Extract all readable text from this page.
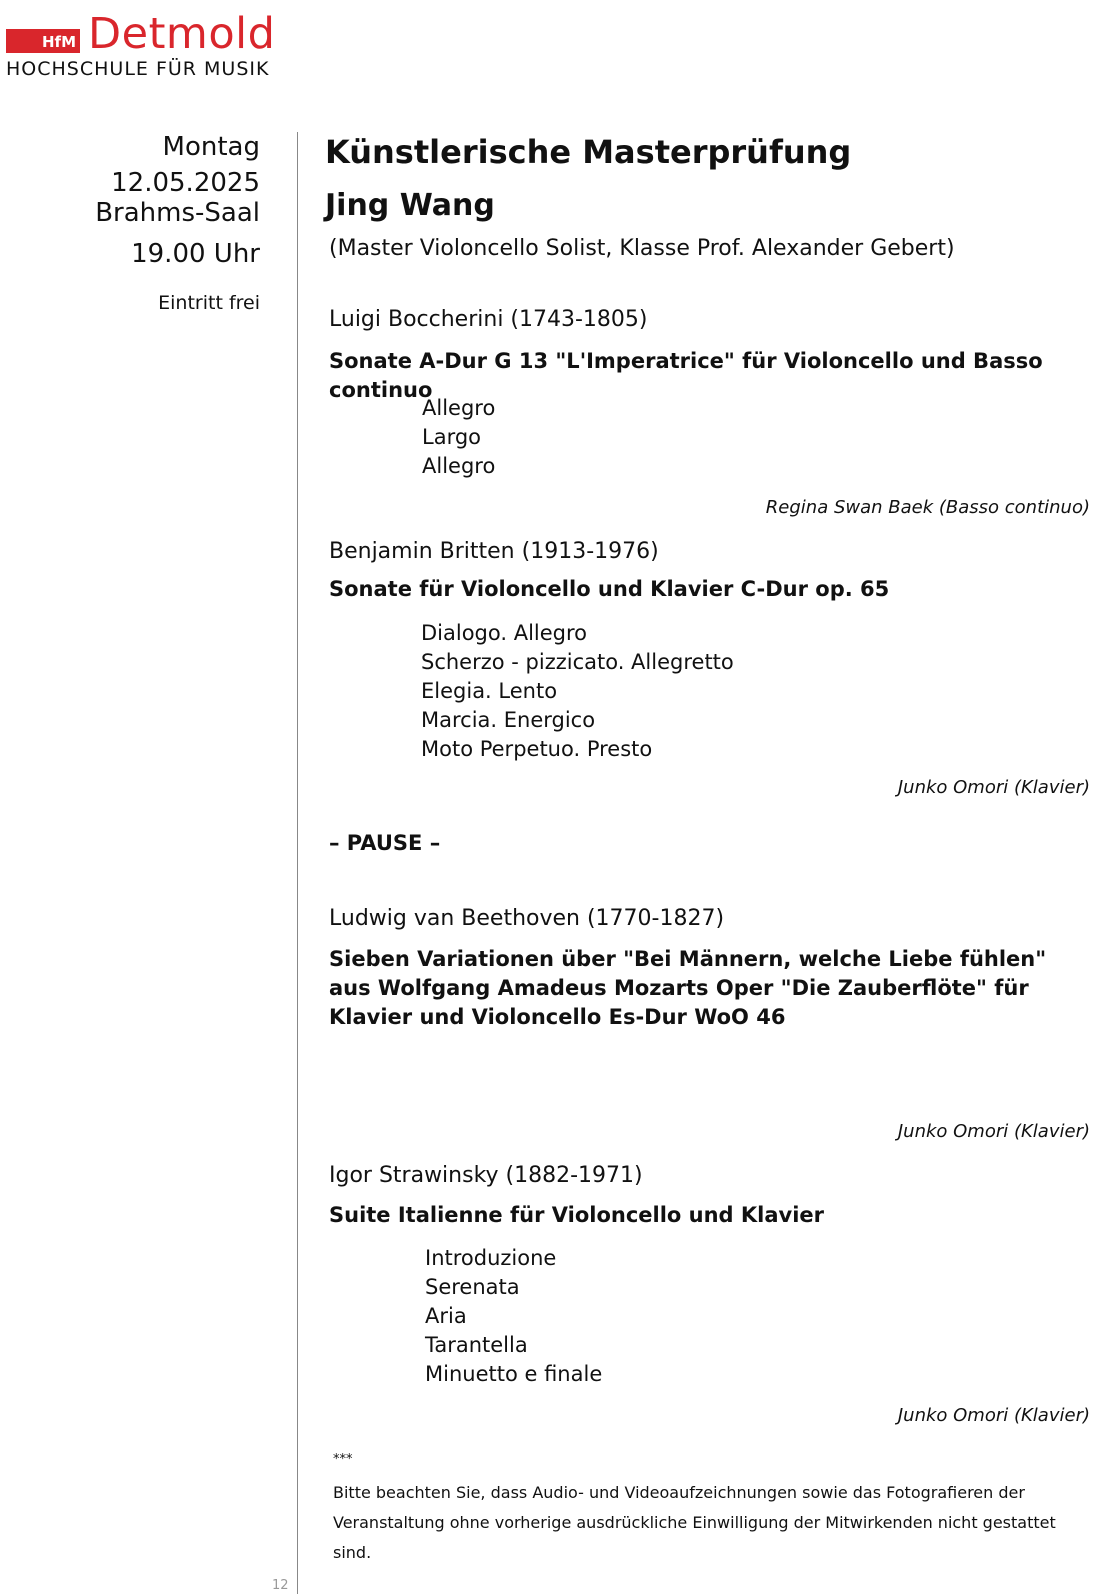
HfM Detmold
HOCHSCHULE FÜR MUSIK
Montag
12.05.2025
Brahms-Saal
19.00 Uhr
Eintritt frei
12
Künstlerische Masterprüfung
Jing Wang
(Master Violoncello Solist, Klasse Prof. Alexander Gebert)
Luigi Boccherini (1743-1805)
Sonate A-Dur G 13 "L'Imperatrice" für Violoncello und Basso continuo
Allegro
Largo
Allegro
Regina Swan Baek (Basso continuo)
Benjamin Britten (1913-1976)
Sonate für Violoncello und Klavier C-Dur op. 65
Dialogo. Allegro
Scherzo - pizzicato. Allegretto
Elegia. Lento
Marcia. Energico
Moto Perpetuo. Presto
Junko Omori (Klavier)
– PAUSE –
Ludwig van Beethoven (1770-1827)
Sieben Variationen über "Bei Männern, welche Liebe fühlen"
aus Wolfgang Amadeus Mozarts Oper "Die Zauberflöte" für
Klavier und Violoncello Es-Dur WoO 46
Junko Omori (Klavier)
Igor Strawinsky (1882-1971)
Suite Italienne für Violoncello und Klavier
Introduzione
Serenata
Aria
Tarantella
Minuetto e finale
Junko Omori (Klavier)
***
Bitte beachten Sie, dass Audio- und Videoaufzeichnungen sowie das Fotografieren der
Veranstaltung ohne vorherige ausdrückliche Einwilligung der Mitwirkenden nicht gestattet
sind.
